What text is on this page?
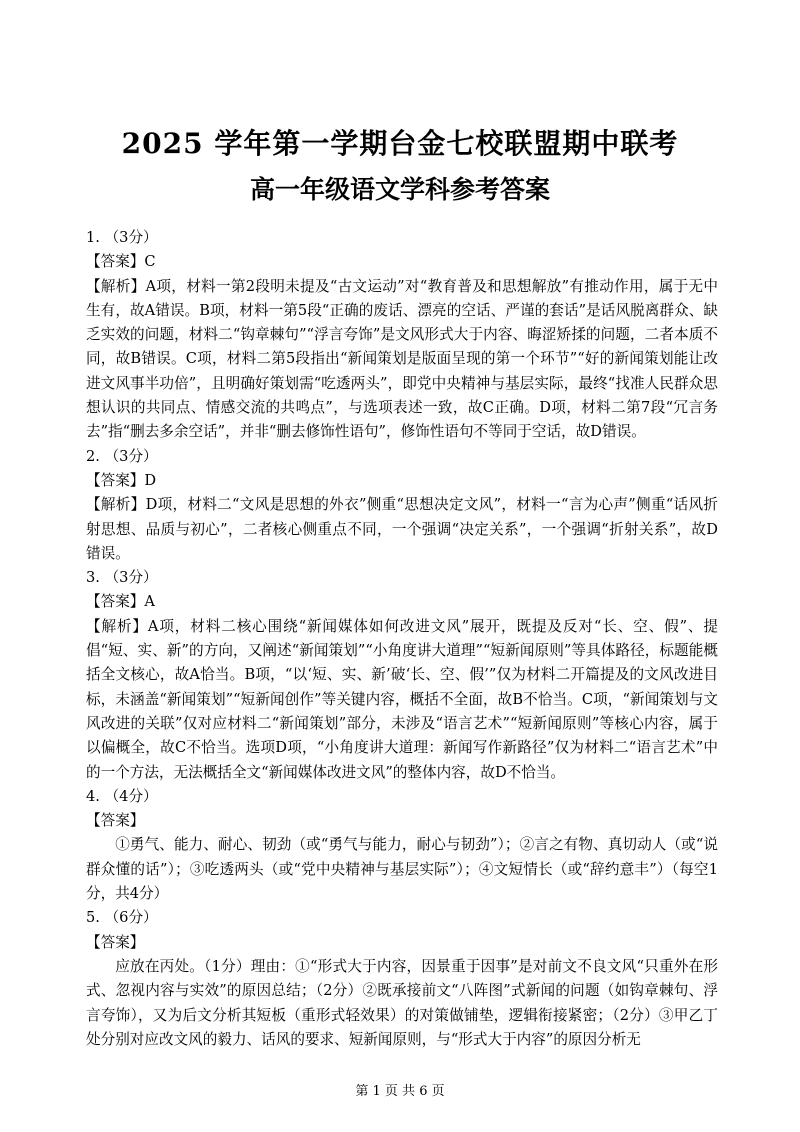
2025 学年第一学期台金七校联盟期中联考
高一年级语文学科参考答案

1. （3分）

【答案】C

【解析】A项，材料一第2段明未提及“古文运动”对“教育普及和思想解放”有推动作用，属于无中生有，故A错误。B项，材料一第5段“正确的废话、漂亮的空话、严谨的套话”是话风脱离群众、缺乏实效的问题，材料二“钩章棘句”“浮言夸饰”是文风形式大于内容、晦涩矫揉的问题，二者本质不同，故B错误。C项，材料二第5段指出“新闻策划是版面呈现的第一个环节”“好的新闻策划能让改进文风事半功倍”，且明确好策划需“吃透两头”，即党中央精神与基层实际，最终“找准人民群众思想认识的共同点、情感交流的共鸣点”，与选项表述一致，故C正确。D项，材料二第7段“冗言务去”指“删去多余空话”，并非“删去修饰性语句”，修饰性语句不等同于空话，故D错误。

2. （3分）

【答案】D

【解析】D项，材料二“文风是思想的外衣”侧重“思想决定文风”，材料一“言为心声”侧重“话风折射思想、品质与初心”，二者核心侧重点不同，一个强调“决定关系”，一个强调“折射关系”，故D错误。

3. （3分）

【答案】A

【解析】A项，材料二核心围绕“新闻媒体如何改进文风”展开，既提及反对“长、空、假”、提倡“短、实、新”的方向，又阐述“新闻策划”“小角度讲大道理”“短新闻原则”等具体路径，标题能概括全文核心，故A恰当。B项，“以‘短、实、新’破‘长、空、假’”仅为材料二开篇提及的文风改进目标，未涵盖“新闻策划”“短新闻创作”等关键内容，概括不全面，故B不恰当。C项，“新闻策划与文风改进的关联”仅对应材料二“新闻策划”部分，未涉及“语言艺术”“短新闻原则”等核心内容，属于以偏概全，故C不恰当。选项D项，“小角度讲大道理：新闻写作新路径”仅为材料二“语言艺术”中的一个方法，无法概括全文“新闻媒体改进文风”的整体内容，故D不恰当。

4. （4分）

【答案】

①勇气、能力、耐心、韧劲（或“勇气与能力，耐心与韧劲”）；②言之有物、真切动人（或“说群众懂的话”）；③吃透两头（或“党中央精神与基层实际”）；④文短情长（或“辞约意丰”）（每空1分，共4分）

5. （6分）

【答案】

应放在丙处。（1分）理由：①“形式大于内容，因景重于因事”是对前文不良文风“只重外在形式、忽视内容与实效”的原因总结；（2分）②既承接前文“八阵图”式新闻的问题（如钩章棘句、浮言夸饰），又为后文分析其短板（重形式轻效果）的对策做铺垫，逻辑衔接紧密；（2分）③甲乙丁处分别对应改文风的毅力、话风的要求、短新闻原则，与“形式大于内容”的原因分析无

第 1 页 共 6 页
